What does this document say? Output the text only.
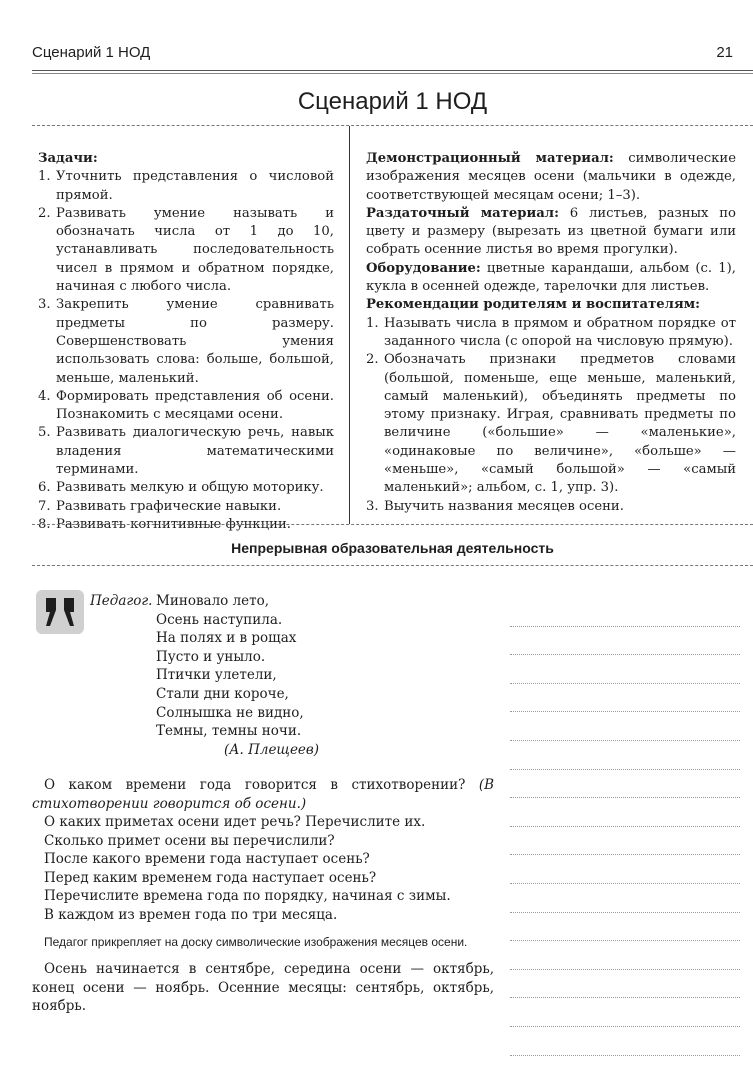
Сценарий 1 НОД	21
Сценарий 1 НОД
Задачи:
1. Уточнить представления о числовой прямой.
2. Развивать умение называть и обозначать числа от 1 до 10, устанавливать последовательность чисел в прямом и обратном порядке, начиная с любого числа.
3. Закрепить умение сравнивать предметы по размеру. Совершенствовать умения использовать слова: больше, большой, меньше, маленький.
4. Формировать представления об осени. Познакомить с месяцами осени.
5. Развивать диалогическую речь, навык владения математическими терминами.
6. Развивать мелкую и общую моторику.
7. Развивать графические навыки.
8. Развивать когнитивные функции.

Демонстрационный материал: символические изображения месяцев осени (мальчики в одежде, соответствующей месяцам осени; 1–3).

Раздаточный материал: 6 листьев, разных по цвету и размеру (вырезать из цветной бумаги или собрать осенние листья во время прогулки).

Оборудование: цветные карандаши, альбом (с. 1), кукла в осенней одежде, тарелочки для листьев.

Рекомендации родителям и воспитателям:
1. Называть числа в прямом и обратном порядке от заданного числа (с опорой на числовую прямую).
2. Обозначать признаки предметов словами (большой, поменьше, еще меньше, маленький, самый маленький), объединять предметы по этому признаку. Играя, сравнивать предметы по величине («большие» — «маленькие», «одинаковые по величине», «больше» — «меньше», «самый большой» — «самый маленький»; альбом, с. 1, упр. 3).
3. Выучить названия месяцев осени.
Непрерывная образовательная деятельность
Педагог. Миновало лето,
Осень наступила.
На полях и в рощах
Пусто и уныло.
Птички улетели,
Стали дни короче,
Солнышка не видно,
Темны, темны ночи.
(А. Плещеев)

О каком времени года говорится в стихотворении? (В стихотворении говорится об осени.)

О каких приметах осени идет речь? Перечислите их.

Сколько примет осени вы перечислили?

После какого времени года наступает осень?

Перед каким временем года наступает осень?

Перечислите времена года по порядку, начиная с зимы.

В каждом из времен года по три месяца.

Педагог прикрепляет на доску символические изображения месяцев осени.

Осень начинается в сентябре, середина осени — октябрь, конец осени — ноябрь. Осенние месяцы: сентябрь, октябрь, ноябрь.
